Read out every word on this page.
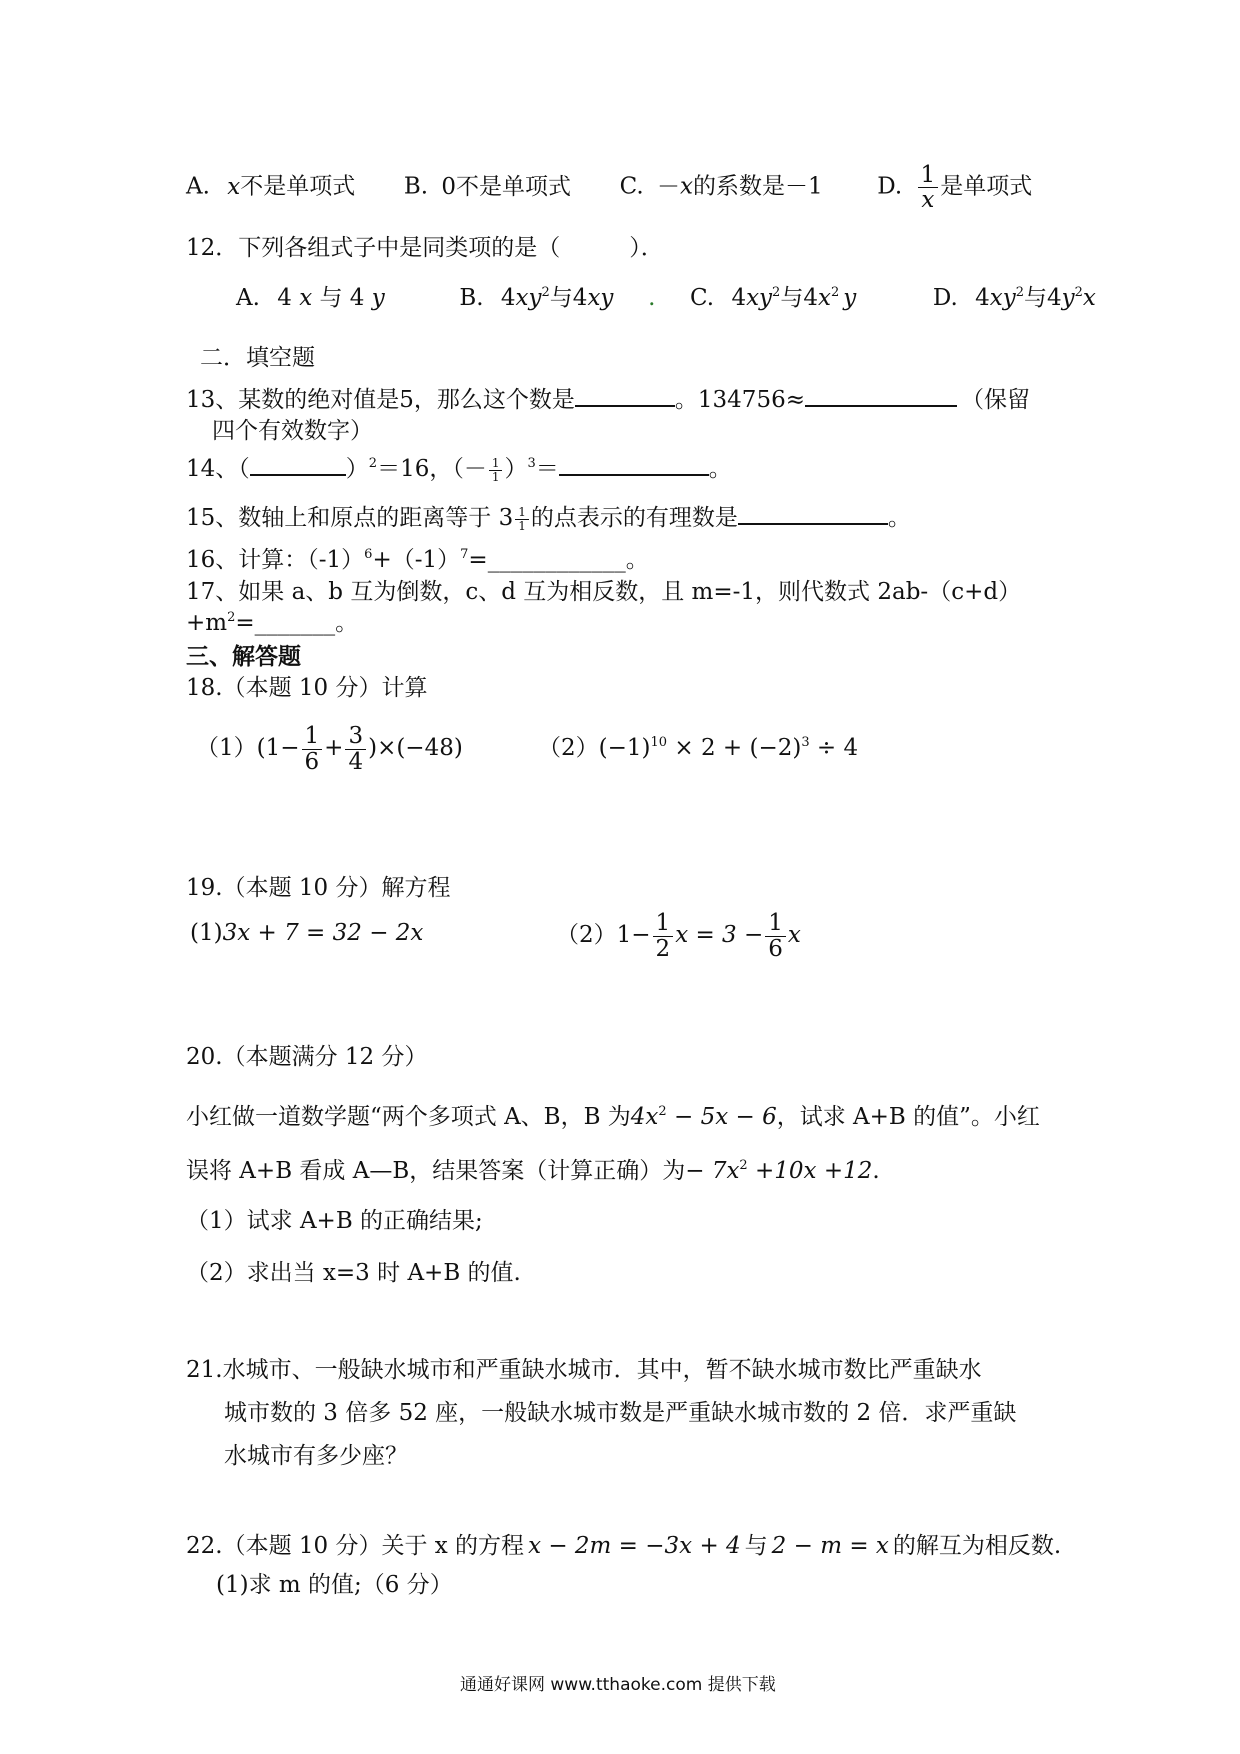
A. x不是单项式 B. 0不是单项式 C. －x的系数是－1 D. $\frac{1}{x}$ 是单项式
12．下列各组式子中是同类项的是（　　　）．
A. 4 x 与 4 y	B. $4xy^2$与4xy . C. $4xy^2$与$4x^2$ y	D. $4xy^2$与$4y^2x$
二．填空题
13、某数的绝对值是5，那么这个数是	。134756≈	（保留
四个有效数字）
14、（	）$^2$＝16，（－ $\frac{1}{1} )^3=$	。
15、数轴上和原点的距离等于 $3 \frac{1}{1}$ 的点表示的有理数是	。
16、计算：$(-1)^6+(-1)^7=\_\_\_\_\_\_\_\_\_\_\_\_$。
17、如果 a、b 互为倒数，c、d 互为相反数，且 m=-1，则代数式 2ab-（c+d）
$+m^2=\_\_\_\_\_\_\_$。
三、解答题
18.（本题 10 分）计算
$(1)(1- \frac{1}{6} + \frac{3}{4} )\times(-48)$	$(2)(-1)^{10} \times 2 + (-2)^3 \div 4$
19.（本题 10 分）解方程
(1)3x + 7 = 32 − 2x	$(2)1- \frac{1}{2}$ $x = 3 - \frac{1}{6}$ x
20.（本题满分 12 分）
小红做一道数学题“两个多项式 A、B，B 为$4x^2 - 5x - 6$，试求 A+B 的值”。小红
误将 A+B 看成 A—B，结果答案（计算正确）为− $7x^2 +10x +12$.
（1）试求 A+B 的正确结果;
（2）求出当 x=3 时 A+B 的值.
21.水城市、一般缺水城市和严重缺水城市．其中，暂不缺水城市数比严重缺水
城市数的 3 倍多 52 座，一般缺水城市数是严重缺水城市数的 2 倍．求严重缺
水城市有多少座？
22.（本题 10 分）关于 x 的方程 x − 2m = −3x + 4 与 2 − m = x 的解互为相反数.
(1)求 m 的值;（6 分）
通通好课网 www.tthaoke.com 提供下载
